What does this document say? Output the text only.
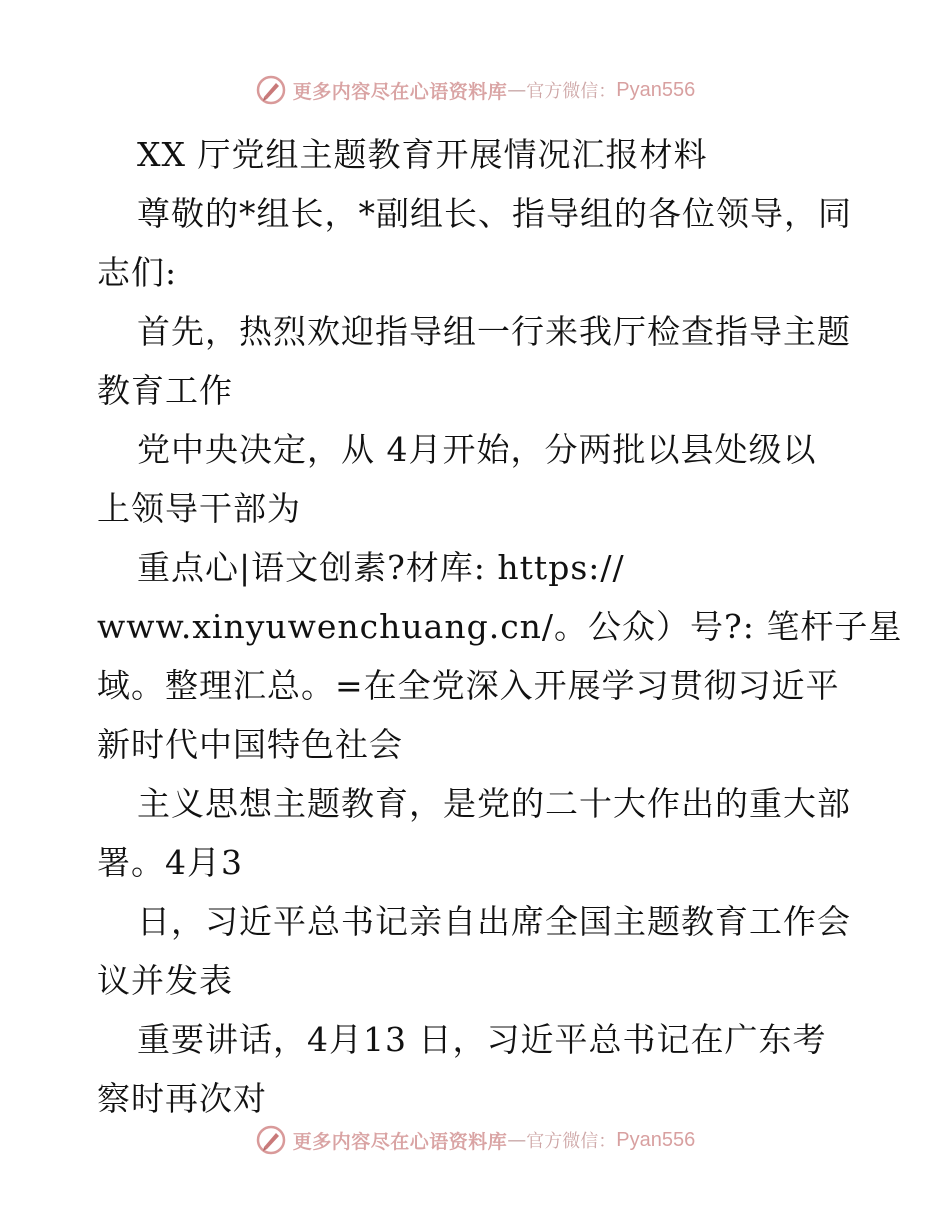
更多内容尽在心语资料库 — 官方微信： Pyan556
XX 厅党组主题教育开展情况汇报材料
尊敬的*组长，*副组长、指导组的各位领导，同
志们:
首先，热烈欢迎指导组一行来我厅检查指导主题
教育工作
党中央决定，从 4月开始，分两批以县处级以
上领导干部为
重点心|语文创素?材库: https://
www.xinyuwenchuang.cn/。公众）号?: 笔杆子星
域。整理汇总。=在全党深入开展学习贯彻习近平
新时代中国特色社会
主义思想主题教育，是党的二十大作出的重大部
署。4月3
日，习近平总书记亲自出席全国主题教育工作会
议并发表
重要讲话，4月13 日，习近平总书记在广东考
察时再次对
更多内容尽在心语资料库 — 官方微信： Pyan556
